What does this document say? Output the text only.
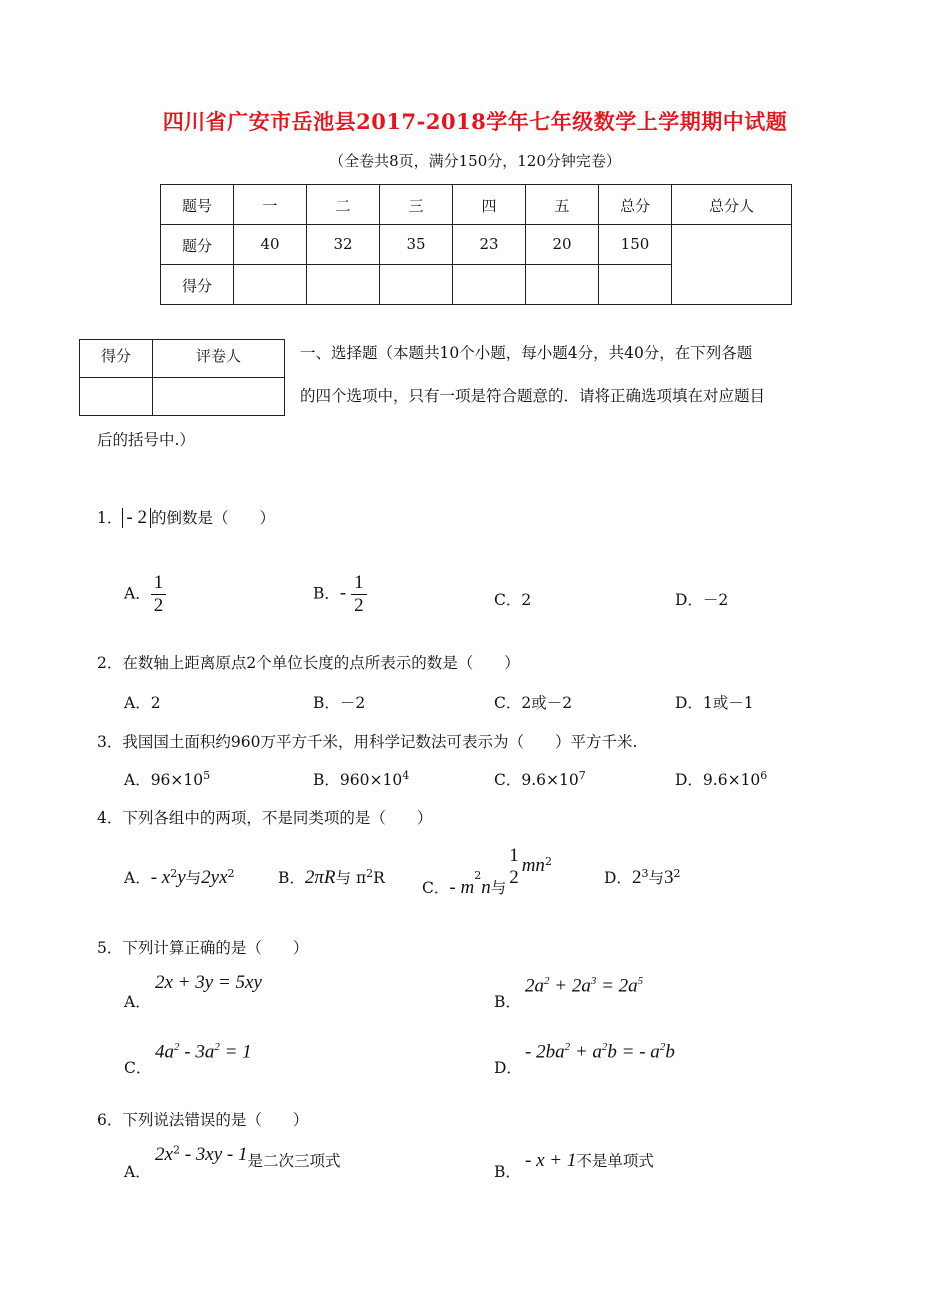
四川省广安市岳池县2017-2018学年七年级数学上学期期中试题
（全卷共8页，满分150分，120分钟完卷）
题号	一	二	三	四	五	总分	总分人
题分	40	32	35	23	20	150	
得分							
得分	评卷人
		一、选择题（本题共10个小题，每小题4分，共40分，在下列各题
的四个选项中，只有一项是符合题意的．请将正确选项填在对应题目
后的括号中.）
1． - 2 的倒数是（　　）
A． $\frac{1}{2}$	B．- $\frac{1}{2}$	C．2	D．－2
2．在数轴上距离原点2个单位长度的点所表示的数是（　　）
A．2	B．－2	C．2或－2	D．1或－1
3．我国国土面积约960万平方千米，用科学记数法可表示为（　　）平方千米.
A．$96\times 10^5$	B．$960\times 10^4$	C．$9.6\times 10^7$	D．$9.6\times 10^6$
4．下列各组中的两项，不是同类项的是（　　）
A．- $x^2y$与$2yx^2$	B．2πR与 $\pi^2R$
C．- $m^2n$与
1
2
$mn^2$
D．$2^3$与$3^2$
5．下列计算正确的是（　　）
A．
2x + 3y = 5xy
B．
$2a^2 + 2a^3 = 2a^5$
C．
$4a^2 - 3a^2 = 1$
D．
- $2ba^2 + a^2b$ = - $a^2b$
6．下列说法错误的是（　　）
A．
$2x^2 - 3xy - 1$是二次三项式
B．
- x + 1不是单项式
